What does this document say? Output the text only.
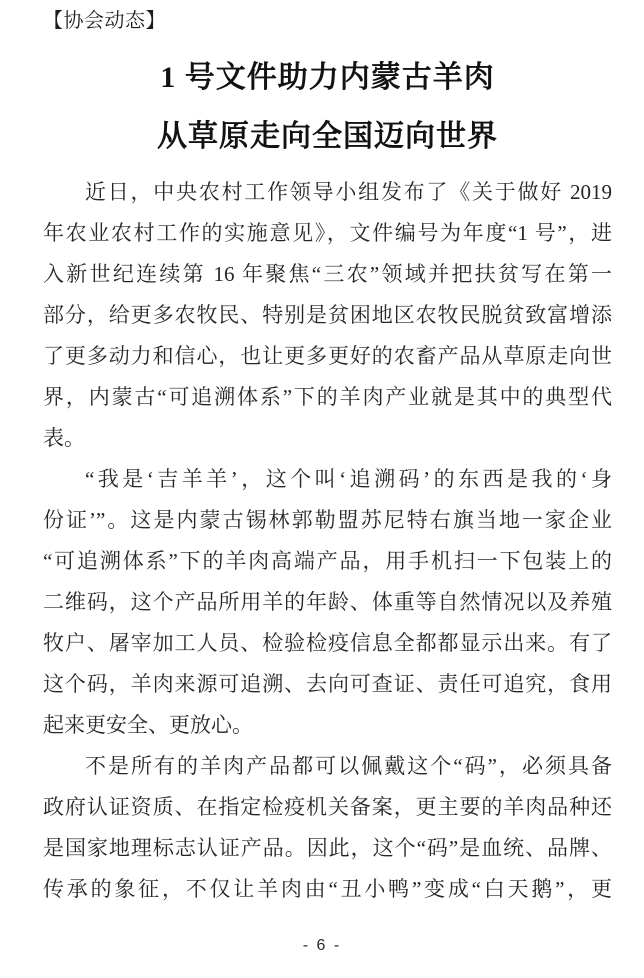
【协会动态】
1 号文件助力内蒙古羊肉
从草原走向全国迈向世界
近日，中央农村工作领导小组发布了《关于做好 2019
年农业农村工作的实施意见》，文件编号为年度“1 号”，进
入新世纪连续第 16 年聚焦“三农”领域并把扶贫写在第一
部分，给更多农牧民、特别是贫困地区农牧民脱贫致富增添
了更多动力和信心，也让更多更好的农畜产品从草原走向世
界，内蒙古“可追溯体系”下的羊肉产业就是其中的典型代
表。
“我是‘吉羊羊’，这个叫‘追溯码’的东西是我的‘身
份证’”。这是内蒙古锡林郭勒盟苏尼特右旗当地一家企业
“可追溯体系”下的羊肉高端产品，用手机扫一下包装上的
二维码，这个产品所用羊的年龄、体重等自然情况以及养殖
牧户、屠宰加工人员、检验检疫信息全都都显示出来。有了
这个码，羊肉来源可追溯、去向可查证、责任可追究，食用
起来更安全、更放心。
不是所有的羊肉产品都可以佩戴这个“码”，必须具备
政府认证资质、在指定检疫机关备案，更主要的羊肉品种还
是国家地理标志认证产品。因此，这个“码”是血统、品牌、
传承的象征，不仅让羊肉由“丑小鸭”变成“白天鹅”，更
- 6 -
